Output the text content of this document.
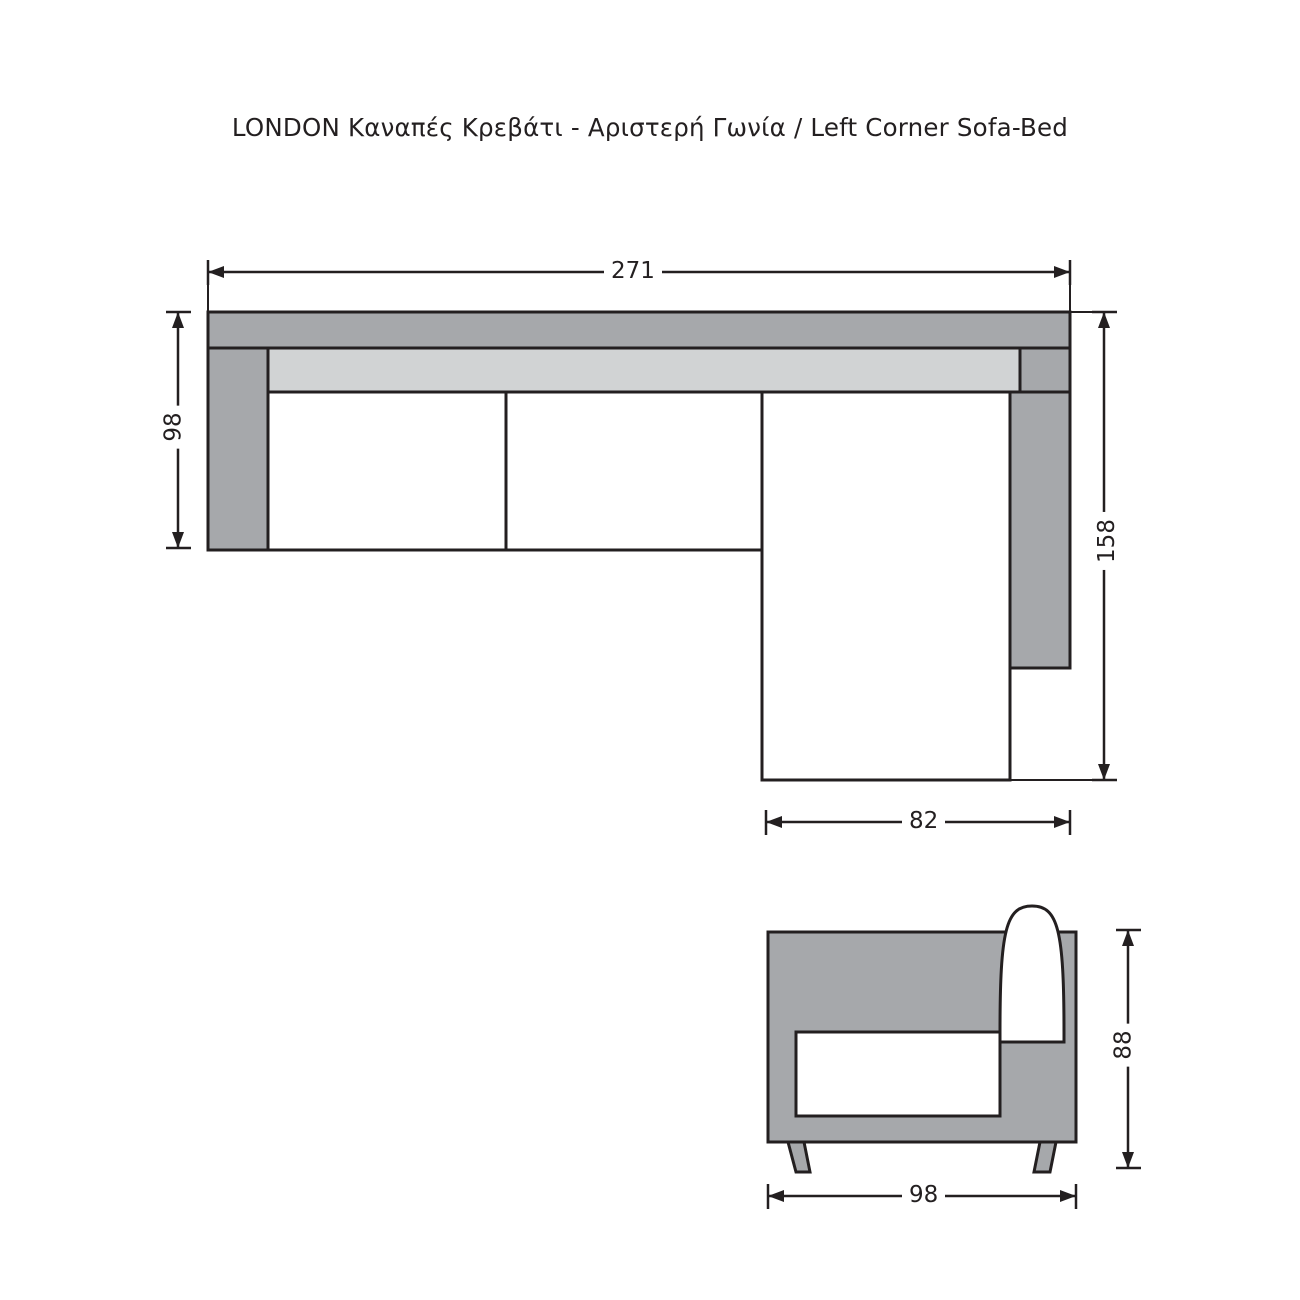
LONDON Καναπές Κρεβάτι - Αριστερή Γωνία / Left Corner Sofa-Bed
271
98
158
82
88
98
